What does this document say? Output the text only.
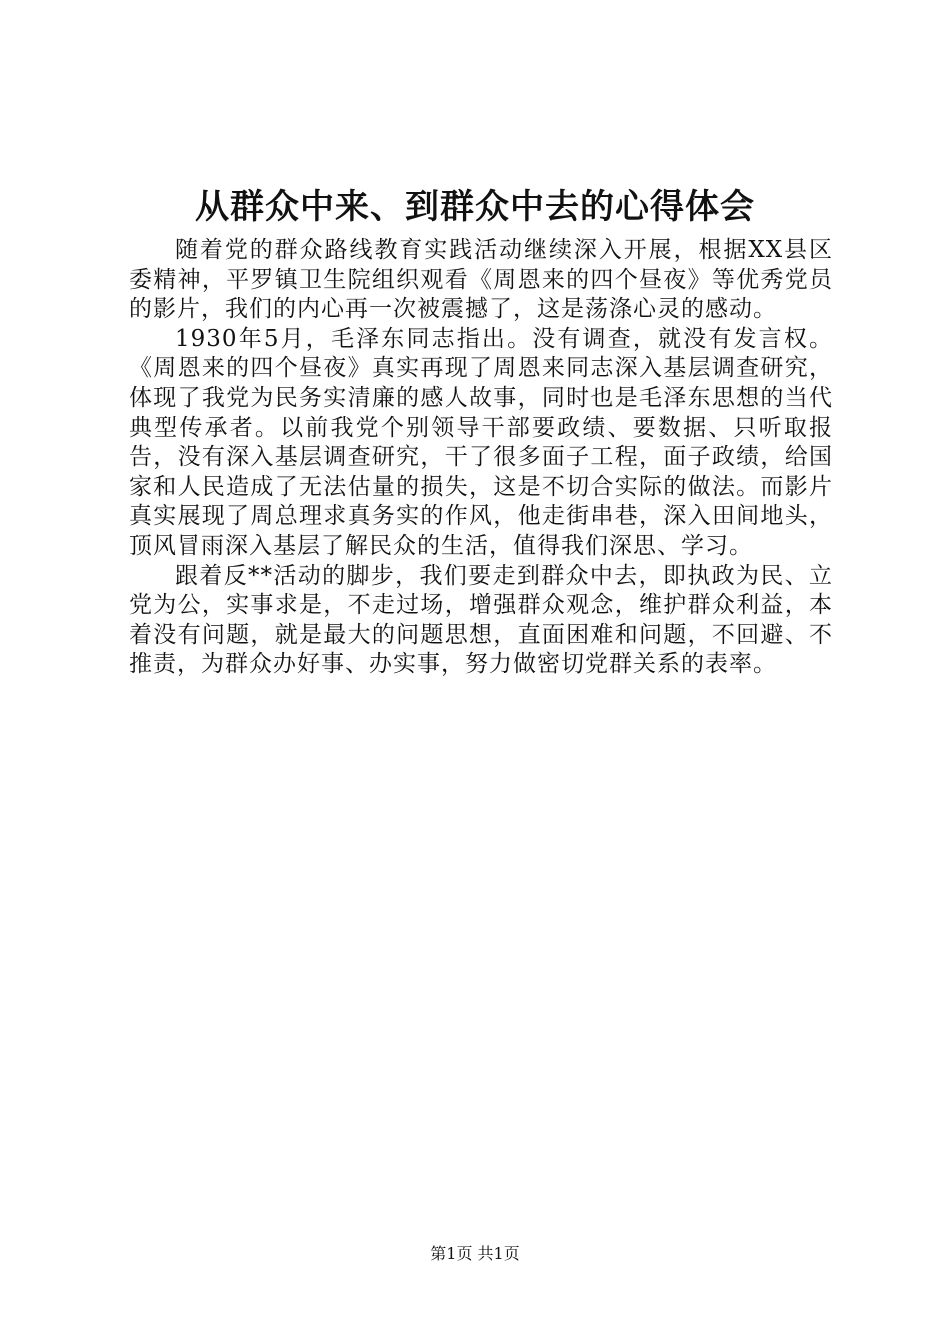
从群众中来、到群众中去的心得体会

随着党的群众路线教育实践活动继续深入开展，根据XX县区委精神，平罗镇卫生院组织观看《周恩来的四个昼夜》等优秀党员的影片，我们的内心再一次被震撼了，这是荡涤心灵的感动。

1930年5月，毛泽东同志指出。没有调查，就没有发言权。《周恩来的四个昼夜》真实再现了周恩来同志深入基层调查研究，体现了我党为民务实清廉的感人故事，同时也是毛泽东思想的当代典型传承者。以前我党个别领导干部要政绩、要数据、只听取报告，没有深入基层调查研究，干了很多面子工程，面子政绩，给国家和人民造成了无法估量的损失，这是不切合实际的做法。而影片真实展现了周总理求真务实的作风，他走街串巷，深入田间地头，顶风冒雨深入基层了解民众的生活，值得我们深思、学习。

跟着反**活动的脚步，我们要走到群众中去，即执政为民、立党为公，实事求是，不走过场，增强群众观念，维护群众利益，本着没有问题，就是最大的问题思想，直面困难和问题，不回避、不推责，为群众办好事、办实事，努力做密切党群关系的表率。

第1页 共1页
